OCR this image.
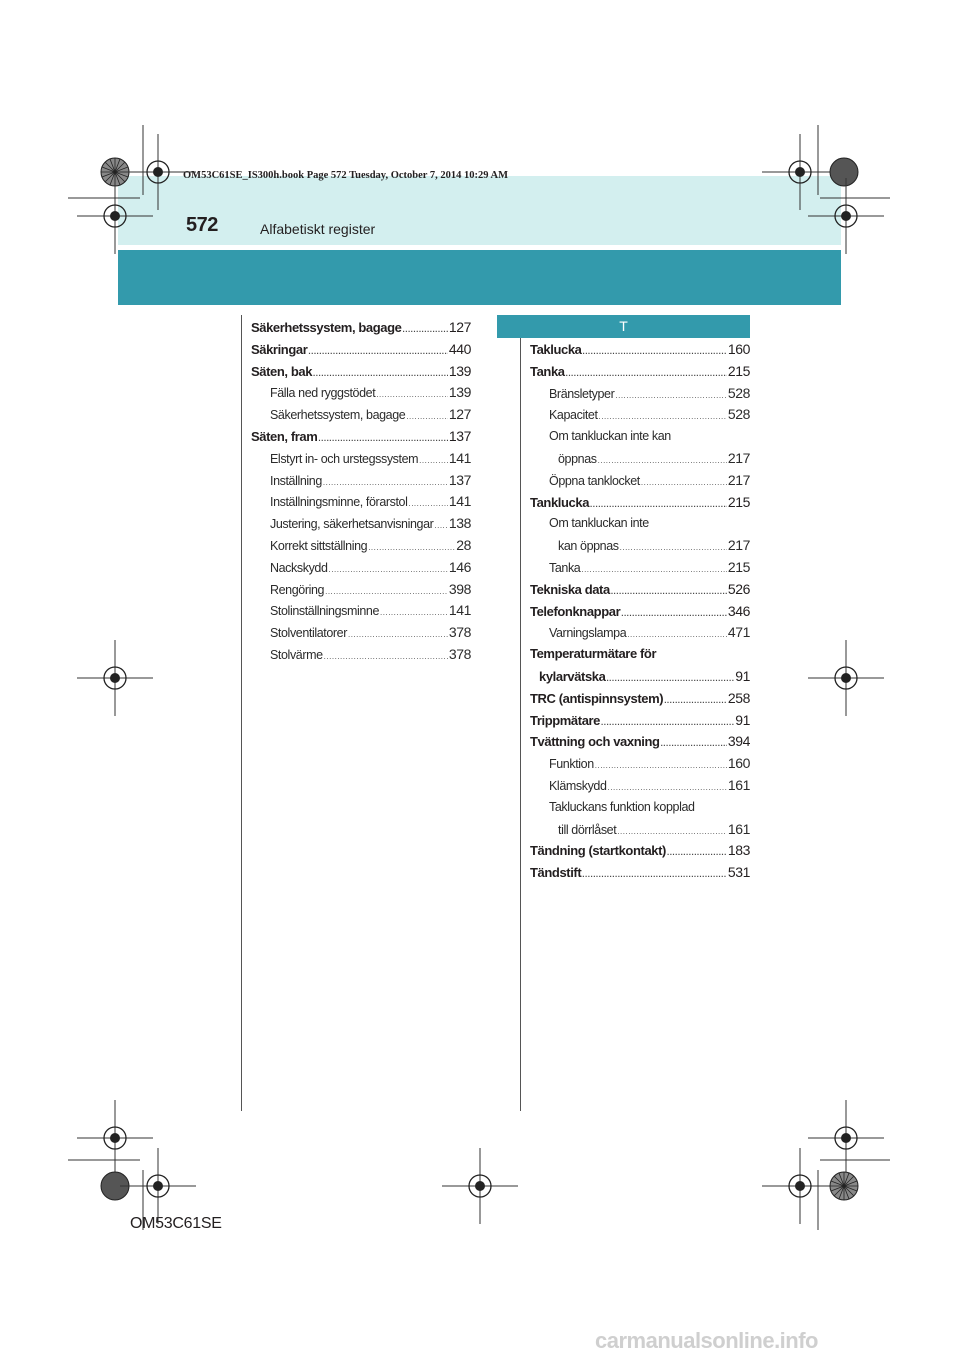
OM53C61SE_IS300h.book Page 572 Tuesday, October 7, 2014 10:29 AM
572	Alfabetiskt register
T
Säkerhetssystem, bagage .....	127
Säkringar .....	440
Säten, bak .....	139
Fälla ned ryggstödet .....	139
Säkerhetssystem, bagage .....	127
Säten, fram .....	137
Elstyrt in- och urstegssystem ..... 141
Inställning .....	137
Inställningsminne, förarstol .....	141
Justering, säkerhetsanvisningar ..... 138
Korrekt sittställning .....	28
Nackskydd .....	146
Rengöring .....	398
Stolinställningsminne .....	141
Stolventilatorer .....	378
Stolvärme .....	378
Taklucka .....	160
Tanka .....	215
Bränsletyper .....	528
Kapacitet .....	528
Om tankluckan inte kan
öppnas .....	217
Öppna tanklocket .....	217
Tanklucka .....	215
Om tankluckan inte
kan öppnas .....	217
Tanka .....	215
Tekniska data .....	526
Telefonknappar .....	346
Varningslampa .....	471
Temperaturmätare för
kylarvätska .....	91
TRC (antispinnsystem) .....	258
Trippmätare .....	91
Tvättning och vaxning .....	394
Funktion .....	160
Klämskydd .....	161
Takluckans funktion kopplad
till dörrlåset .....	161
Tändning (startkontakt) .....	183
Tändstift .....	531
OM53C61SE
carmanualsonline.info
